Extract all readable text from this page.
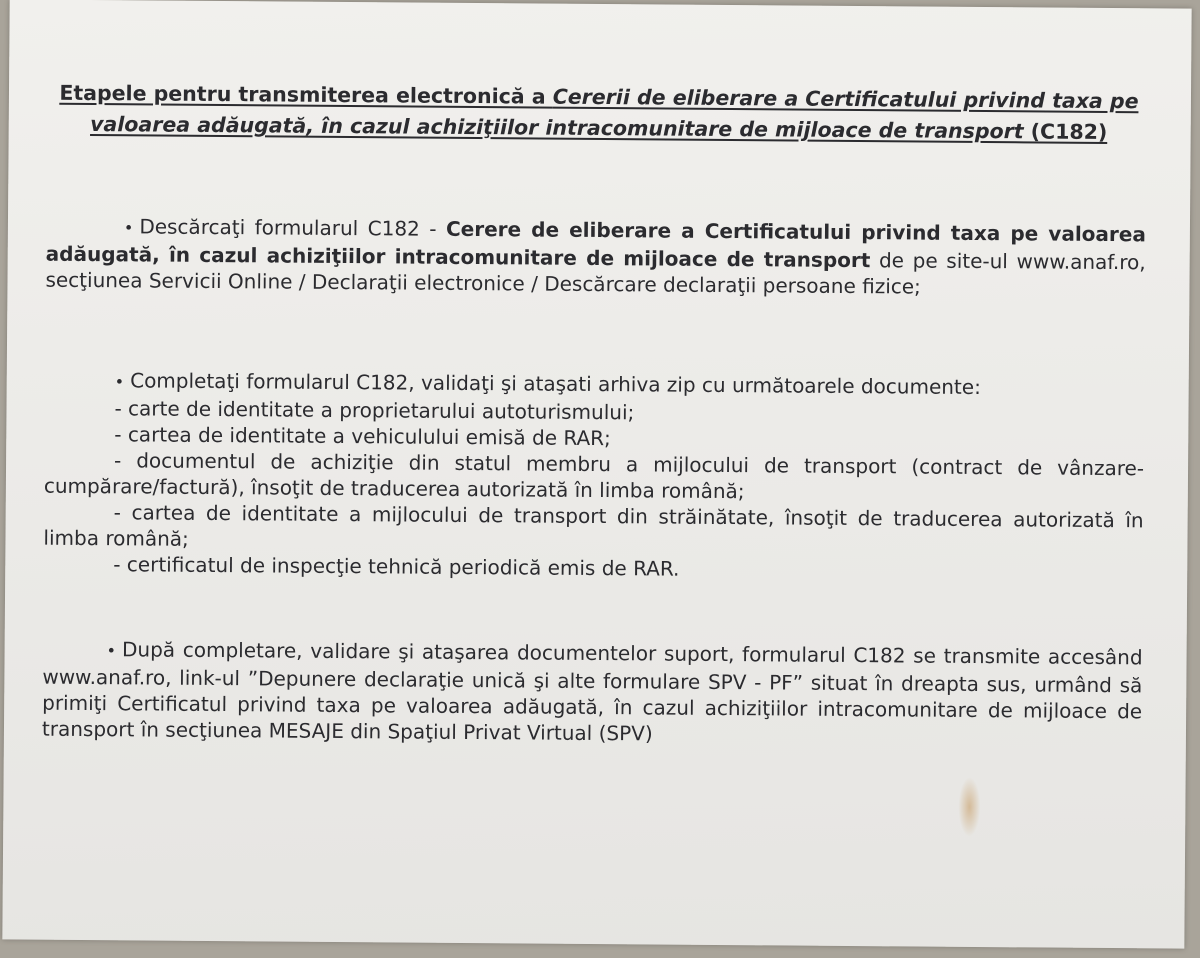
Etapele pentru transmiterea electronică a Cererii de eliberare a Certificatului privind taxa pe valoarea adăugată, în cazul achiziţiilor intracomunitare de mijloace de transport (C182)

• Descărcaţi formularul C182 - Cerere de eliberare a Certificatului privind taxa pe valoarea adăugată, în cazul achiziţiilor intracomunitare de mijloace de transport de pe site-ul www.anaf.ro, secţiunea Servicii Online / Declaraţii electronice / Descărcare declaraţii persoane fizice;

• Completaţi formularul C182, validaţi şi ataşati arhiva zip cu următoarele documente:
- carte de identitate a proprietarului autoturismului;
- cartea de identitate a vehiculului emisă de RAR;
- documentul de achiziţie din statul membru a mijlocului de transport (contract de vânzare-cumpărare/factură), însoţit de traducerea autorizată în limba română;
- cartea de identitate a mijlocului de transport din străinătate, însoţit de traducerea autorizată în limba română;
- certificatul de inspecţie tehnică periodică emis de RAR.

• După completare, validare şi ataşarea documentelor suport, formularul C182 se transmite accesând www.anaf.ro, link-ul ”Depunere declaraţie unică şi alte formulare SPV - PF” situat în dreapta sus, urmând să primiţi Certificatul privind taxa pe valoarea adăugată, în cazul achiziţiilor intracomunitare de mijloace de transport în secţiunea MESAJE din Spaţiul Privat Virtual (SPV)
